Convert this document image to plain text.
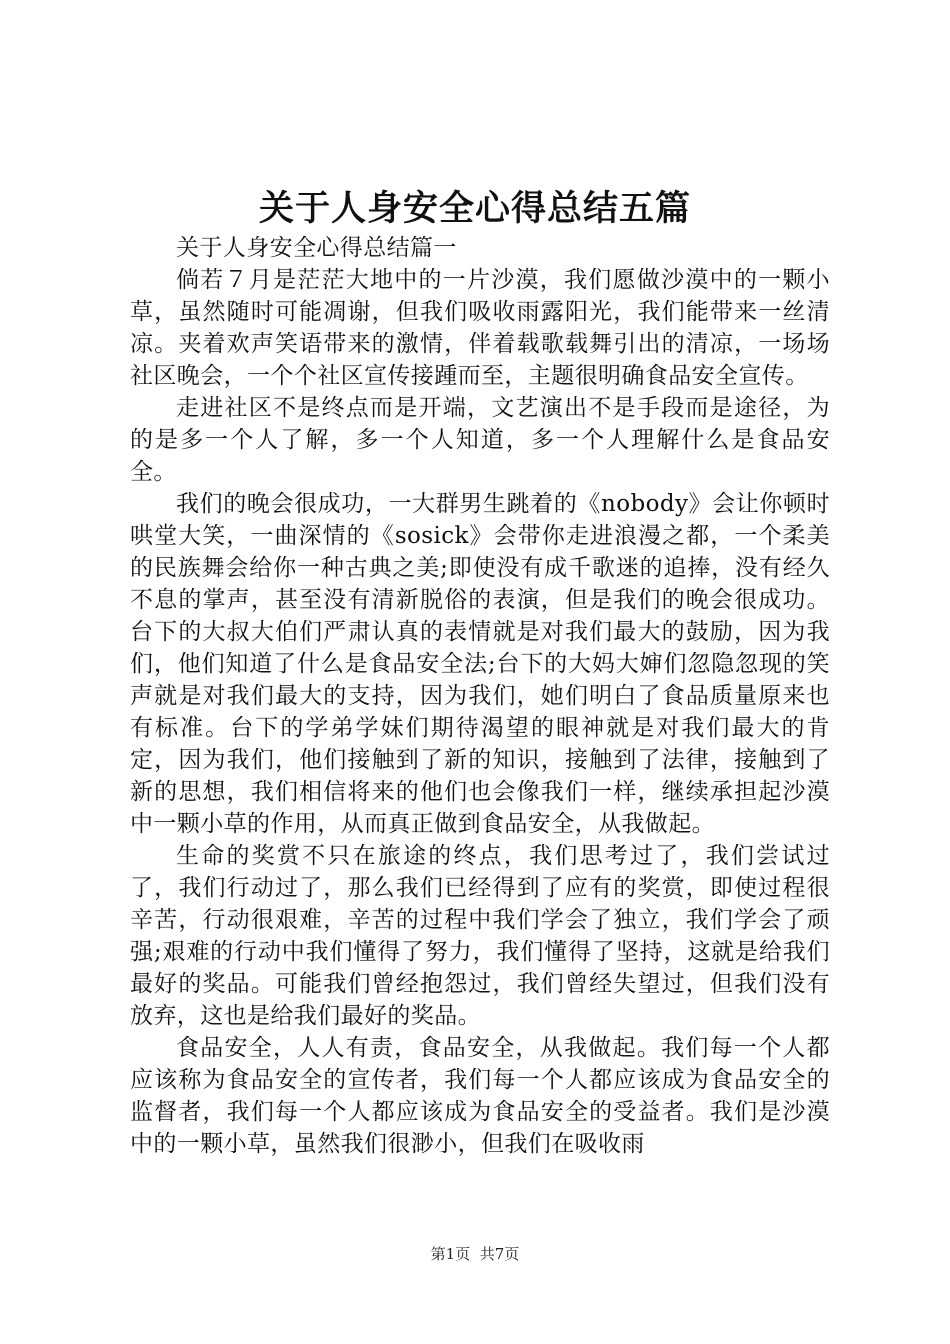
关于人身安全心得总结五篇

关于人身安全心得总结篇一

倘若７月是茫茫大地中的一片沙漠，我们愿做沙漠中的一颗小草，虽然随时可能凋谢，但我们吸收雨露阳光，我们能带来一丝清凉。夹着欢声笑语带来的激情，伴着载歌载舞引出的清凉，一场场社区晚会，一个个社区宣传接踵而至，主题很明确食品安全宣传。

走进社区不是终点而是开端，文艺演出不是手段而是途径，为的是多一个人了解，多一个人知道，多一个人理解什么是食品安全。

我们的晚会很成功，一大群男生跳着的《nobody》会让你顿时哄堂大笑，一曲深情的《sosick》会带你走进浪漫之都，一个柔美的民族舞会给你一种古典之美;即使没有成千歌迷的追捧，没有经久不息的掌声，甚至没有清新脱俗的表演，但是我们的晚会很成功。台下的大叔大伯们严肃认真的表情就是对我们最大的鼓励，因为我们，他们知道了什么是食品安全法;台下的大妈大婶们忽隐忽现的笑声就是对我们最大的支持，因为我们，她们明白了食品质量原来也有标准。台下的学弟学妹们期待渴望的眼神就是对我们最大的肯定，因为我们，他们接触到了新的知识，接触到了法律，接触到了新的思想，我们相信将来的他们也会像我们一样，继续承担起沙漠中一颗小草的作用，从而真正做到食品安全，从我做起。

生命的奖赏不只在旅途的终点，我们思考过了，我们尝试过了，我们行动过了，那么我们已经得到了应有的奖赏，即使过程很辛苦，行动很艰难，辛苦的过程中我们学会了独立，我们学会了顽强;艰难的行动中我们懂得了努力，我们懂得了坚持，这就是给我们最好的奖品。可能我们曾经抱怨过，我们曾经失望过，但我们没有放弃，这也是给我们最好的奖品。

食品安全，人人有责，食品安全，从我做起。我们每一个人都应该称为食品安全的宣传者，我们每一个人都应该成为食品安全的监督者，我们每一个人都应该成为食品安全的受益者。我们是沙漠中的一颗小草，虽然我们很渺小，但我们在吸收雨

第1页 共7页
